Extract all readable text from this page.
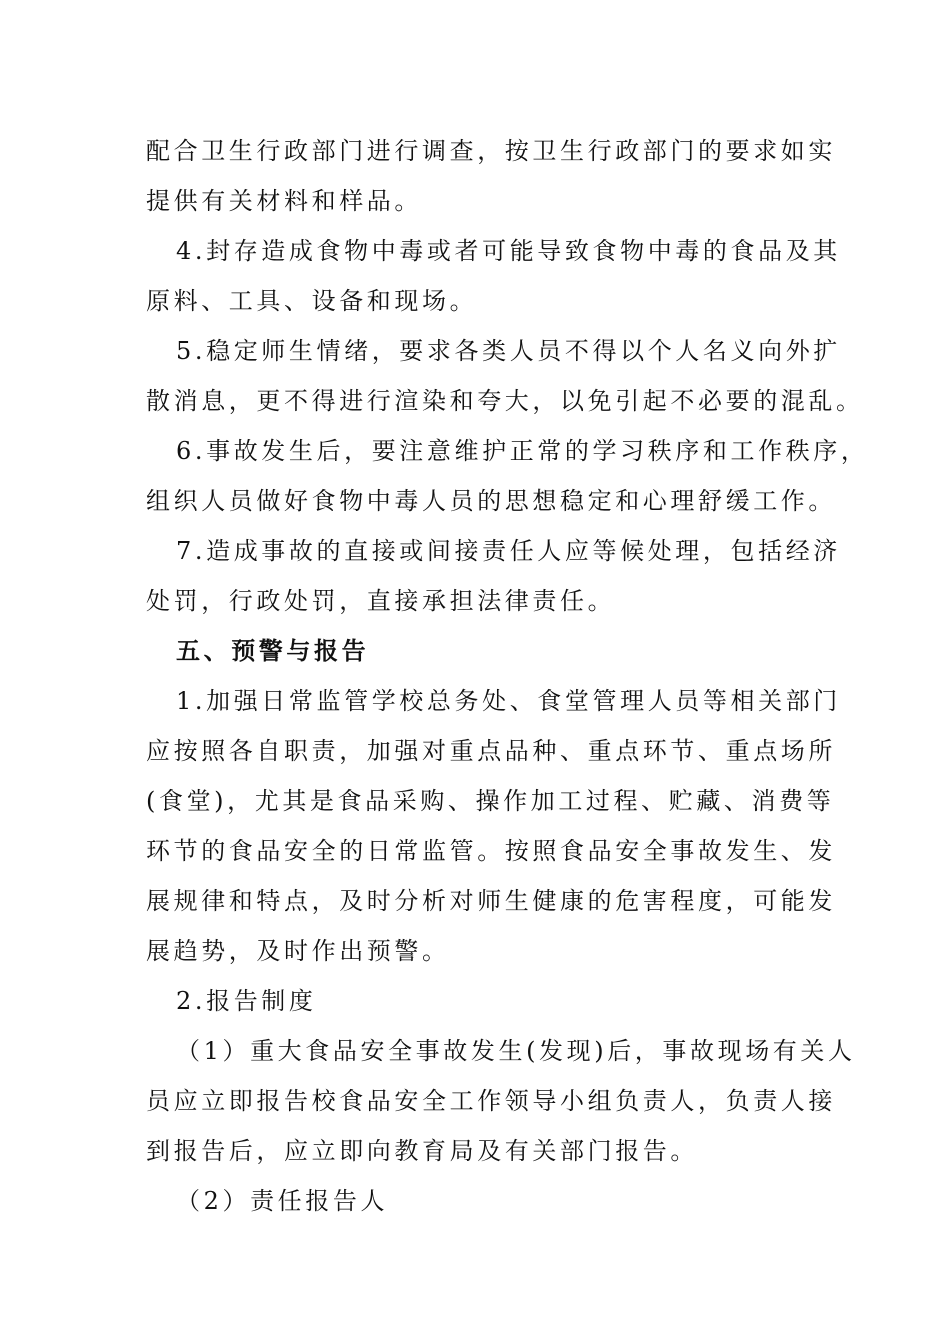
配合卫生行政部门进行调查，按卫生行政部门的要求如实
提供有关材料和样品。
4.封存造成食物中毒或者可能导致食物中毒的食品及其
原料、工具、设备和现场。
5.稳定师生情绪，要求各类人员不得以个人名义向外扩
散消息，更不得进行渲染和夸大，以免引起不必要的混乱。
6.事故发生后，要注意维护正常的学习秩序和工作秩序，
组织人员做好食物中毒人员的思想稳定和心理舒缓工作。
7.造成事故的直接或间接责任人应等候处理，包括经济
处罚，行政处罚，直接承担法律责任。
五、预警与报告
1.加强日常监管学校总务处、食堂管理人员等相关部门
应按照各自职责，加强对重点品种、重点环节、重点场所
(食堂)，尤其是食品采购、操作加工过程、贮藏、消费等
环节的食品安全的日常监管。按照食品安全事故发生、发
展规律和特点，及时分析对师生健康的危害程度，可能发
展趋势，及时作出预警。
2.报告制度
（1）重大食品安全事故发生(发现)后，事故现场有关人
员应立即报告校食品安全工作领导小组负责人，负责人接
到报告后，应立即向教育局及有关部门报告。
（2）责任报告人
